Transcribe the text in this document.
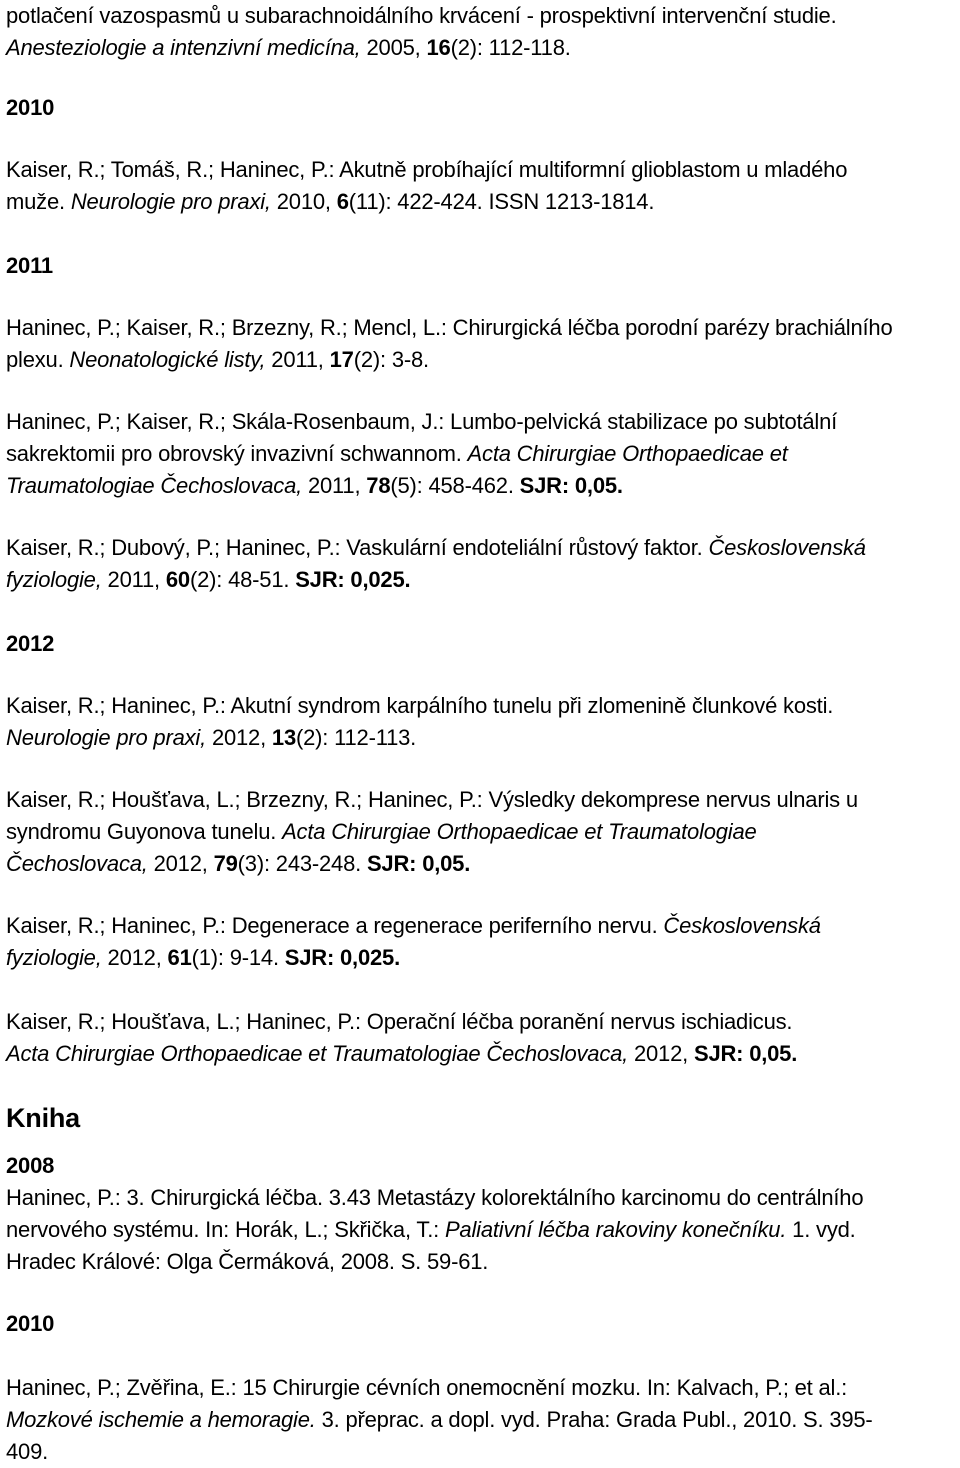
potlačení vazospasmů u subarachnoidálního krvácení - prospektivní intervenční studie.
Anesteziologie a intenzivní medicína, 2005, 16(2): 112-118.
2010
Kaiser, R.; Tomáš, R.; Haninec, P.: Akutně probíhající multiformní glioblastom u mladého
muže. Neurologie pro praxi, 2010, 6(11): 422-424. ISSN 1213-1814.
2011
Haninec, P.; Kaiser, R.; Brzezny, R.; Mencl, L.: Chirurgická léčba porodní parézy brachiálního
plexu. Neonatologické listy, 2011, 17(2): 3-8.
Haninec, P.; Kaiser, R.; Skála-Rosenbaum, J.: Lumbo-pelvická stabilizace po subtotální
sakrektomii pro obrovský invazivní schwannom. Acta Chirurgiae Orthopaedicae et
Traumatologiae Čechoslovaca, 2011, 78(5): 458-462. SJR: 0,05.
Kaiser, R.; Dubový, P.; Haninec, P.: Vaskulární endoteliální růstový faktor. Československá
fyziologie, 2011, 60(2): 48-51. SJR: 0,025.
2012
Kaiser, R.; Haninec, P.: Akutní syndrom karpálního tunelu při zlomenině člunkové kosti.
Neurologie pro praxi, 2012, 13(2): 112-113.
Kaiser, R.; Houšťava, L.; Brzezny, R.; Haninec, P.: Výsledky dekomprese nervus ulnaris u
syndromu Guyonova tunelu. Acta Chirurgiae Orthopaedicae et Traumatologiae
Čechoslovaca, 2012, 79(3): 243-248. SJR: 0,05.
Kaiser, R.; Haninec, P.: Degenerace a regenerace periferního nervu. Československá
fyziologie, 2012, 61(1): 9-14. SJR: 0,025.
Kaiser, R.; Houšťava, L.; Haninec, P.: Operační léčba poranění nervus ischiadicus.
Acta Chirurgiae Orthopaedicae et Traumatologiae Čechoslovaca, 2012, SJR: 0,05.
Kniha
2008
Haninec, P.: 3. Chirurgická léčba. 3.43 Metastázy kolorektálního karcinomu do centrálního
nervového systému. In: Horák, L.; Skřička, T.: Paliativní léčba rakoviny konečníku. 1. vyd.
Hradec Králové: Olga Čermáková, 2008. S. 59-61.
2010
Haninec, P.; Zvěřina, E.: 15 Chirurgie cévních onemocnění mozku. In: Kalvach, P.; et al.:
Mozkové ischemie a hemoragie. 3. přeprac. a dopl. vyd. Praha: Grada Publ., 2010. S. 395-
409.
